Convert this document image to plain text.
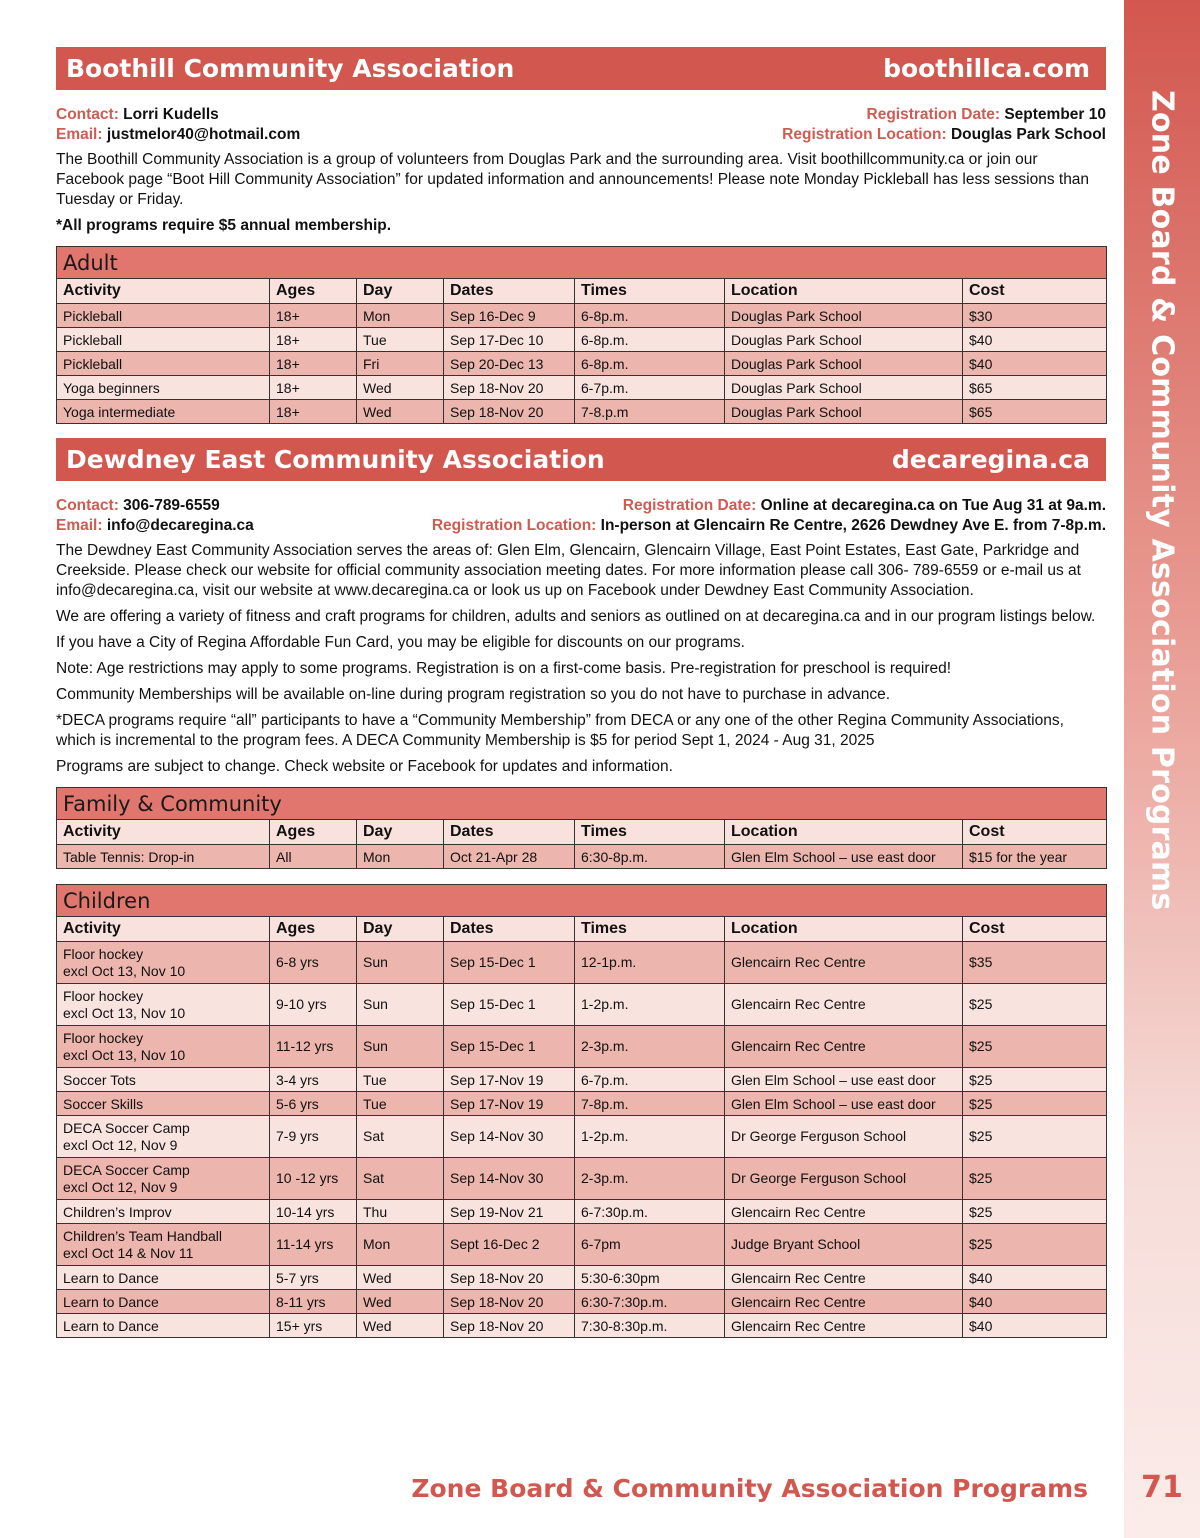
Zone Board & Community Association Programs
Boothill Community Association	boothillca.com
Contact: Lorri Kudells	Registration Date: September 10
Email: justmelor40@hotmail.com	Registration Location: Douglas Park School

The Boothill Community Association is a group of volunteers from Douglas Park and the surrounding area. Visit boothillcommunity.ca or join our Facebook page “Boot Hill Community Association” for updated information and announcements! Please note Monday Pickleball has less sessions than Tuesday or Friday.

*All programs require $5 annual membership.

Adult						
Activity	Ages	Day	Dates	Times	Location	Cost
Pickleball	18+	Mon	Sep 16-Dec 9	6-8p.m.	Douglas Park School	$30
Pickleball	18+	Tue	Sep 17-Dec 10	6-8p.m.	Douglas Park School	$40
Pickleball	18+	Fri	Sep 20-Dec 13	6-8p.m.	Douglas Park School	$40
Yoga beginners	18+	Wed	Sep 18-Nov 20	6-7p.m.	Douglas Park School	$65
Yoga intermediate	18+	Wed	Sep 18-Nov 20	7-8.p.m	Douglas Park School	$65
Dewdney East Community Association	decaregina.ca
Contact: 306-789-6559	Registration Date: Online at decaregina.ca on Tue Aug 31 at 9a.m.
Email: info@decaregina.ca	Registration Location: In-person at Glencairn Re Centre, 2626 Dewdney Ave E. from 7-8p.m.

The Dewdney East Community Association serves the areas of: Glen Elm, Glencairn, Glencairn Village, East Point Estates, East Gate, Parkridge and Creekside. Please check our website for official community association meeting dates. For more information please call 306- 789-6559 or e-mail us at info@decaregina.ca, visit our website at www.decaregina.ca or look us up on Facebook under Dewdney East Community Association.

We are offering a variety of fitness and craft programs for children, adults and seniors as outlined on at decaregina.ca and in our program listings below.

If you have a City of Regina Affordable Fun Card, you may be eligible for discounts on our programs.

Note: Age restrictions may apply to some programs. Registration is on a first-come basis. Pre-registration for preschool is required!

Community Memberships will be available on-line during program registration so you do not have to purchase in advance.

*DECA programs require “all” participants to have a “Community Membership” from DECA or any one of the other Regina Community Associations, which is incremental to the program fees. A DECA Community Membership is $5 for period Sept 1, 2024 - Aug 31, 2025

Programs are subject to change. Check website or Facebook for updates and information.

Family & Community						
Activity	Ages	Day	Dates	Times	Location	Cost
Table Tennis: Drop-in	All	Mon	Oct 21-Apr 28	6:30-8p.m.	Glen Elm School – use east door	$15 for the year
Children						
Activity	Ages	Day	Dates	Times	Location	Cost

Floor hockey
excl Oct 13, Nov 10	6-8 yrs	Sun	Sep 15-Dec 1	12-1p.m.	Glencairn Rec Centre	$35

Floor hockey
excl Oct 13, Nov 10	9-10 yrs	Sun	Sep 15-Dec 1	1-2p.m.	Glencairn Rec Centre	$25

Floor hockey
excl Oct 13, Nov 10	11-12 yrs	Sun	Sep 15-Dec 1	2-3p.m.	Glencairn Rec Centre	$25
Soccer Tots	3-4 yrs	Tue	Sep 17-Nov 19	6-7p.m.	Glen Elm School – use east door	$25
Soccer Skills	5-6 yrs	Tue	Sep 17-Nov 19	7-8p.m.	Glen Elm School – use east door	$25

DECA Soccer Camp
excl Oct 12, Nov 9	7-9 yrs	Sat	Sep 14-Nov 30	1-2p.m.	Dr George Ferguson School	$25

DECA Soccer Camp
excl Oct 12, Nov 9	10 -12 yrs	Sat	Sep 14-Nov 30	2-3p.m.	Dr George Ferguson School	$25
Children’s Improv	10-14 yrs	Thu	Sep 19-Nov 21	6-7:30p.m.	Glencairn Rec Centre	$25

Children’s Team Handball
excl Oct 14 & Nov 11	11-14 yrs	Mon	Sept 16-Dec 2	6-7pm	Judge Bryant School	$25
Learn to Dance	5-7 yrs	Wed	Sep 18-Nov 20	5:30-6:30pm	Glencairn Rec Centre	$40
Learn to Dance	8-11 yrs	Wed	Sep 18-Nov 20	6:30-7:30p.m.	Glencairn Rec Centre	$40
Learn to Dance	15+ yrs	Wed	Sep 18-Nov 20	7:30-8:30p.m.	Glencairn Rec Centre	$40
Zone Board & Community Association Programs	71
